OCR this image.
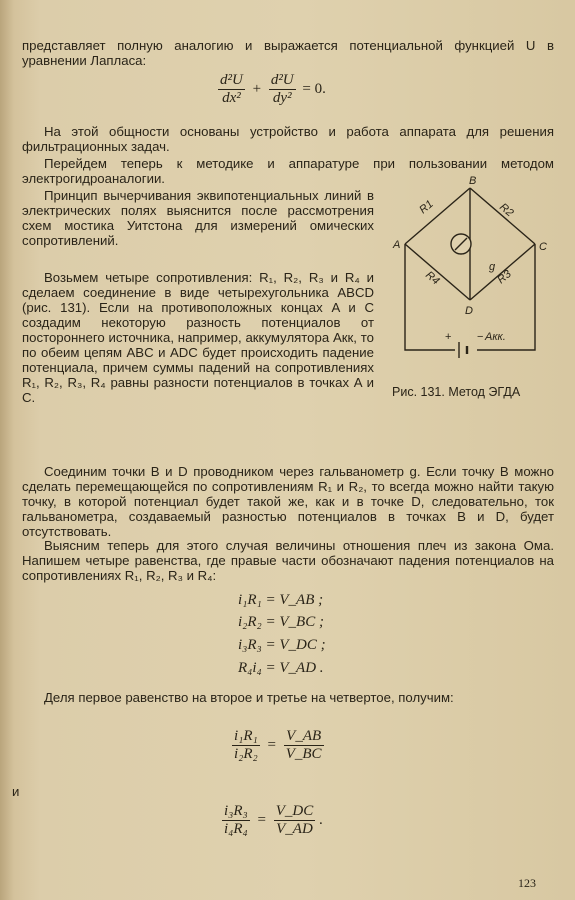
представляет полную аналогию и выражается потенциальной функцией U в уравнении Лапласа:

$\frac{\text{d²U}}{\text{dx²}} + \frac{\text{d²U}}{\text{dy²}} = 0$.

На этой общности основаны устройство и работа аппарата для решения фильтрационных задач.

Перейдем теперь к методике и аппаратуре при пользовании методом электрогидроаналогии.

Принцип вычерчивания эквипотенциальных линий в электрических полях выяснится после рассмотрения схем мостика Уитстона для измерений омических сопротивлений.

Возьмем четыре сопротивления: R₁, R₂, R₃ и R₄ и сделаем соединение в виде четырехугольника ABCD (рис. 131). Если на противоположных концах A и C создадим некоторую разность потенциалов от постороннего источника, например, аккумулятора Aкк, то по обеим цепям ABC и ADC будет происходить падение потенциала, причем суммы падений на сопротивлениях R₁, R₂, R₃, R₄ равны разности потенциалов в точках A и C.

B
A	C
D
R1	R2
R3
R4
g
+ − Акк.
Рис. 131. Метод ЭГДА

Соединим точки B и D проводником через гальванометр g. Если точку B можно сделать перемещающейся по сопротивлениям R₁ и R₂, то всегда можно найти такую точку, в которой потенциал будет такой же, как и в точке D, следовательно, ток гальванометра, создаваемый разностью потенциалов в точках B и D, будет отсутствовать.

Выясним теперь для этого случая величины отношения плеч из закона Ома. Напишем четыре равенства, где правые части обозначают падения потенциалов на сопротивлениях R₁, R₂, R₃ и R₄:

i₁R₁ = V_AB ;
i₂R₂ = V_BC ;
i₃R₃ = V_DC ;
R₄i₄ = V_AD .

Деля первое равенство на второе и третье на четвертое, получим:

$\frac{\text{i₁R₁}}{\text{i₂R₂}} = \frac{V\_AB}{V\_BC}$
и
$\frac{\text{i₃R₃}}{\text{i₄R₄}} = \frac{V\_DC}{V\_AD}$ .
123
